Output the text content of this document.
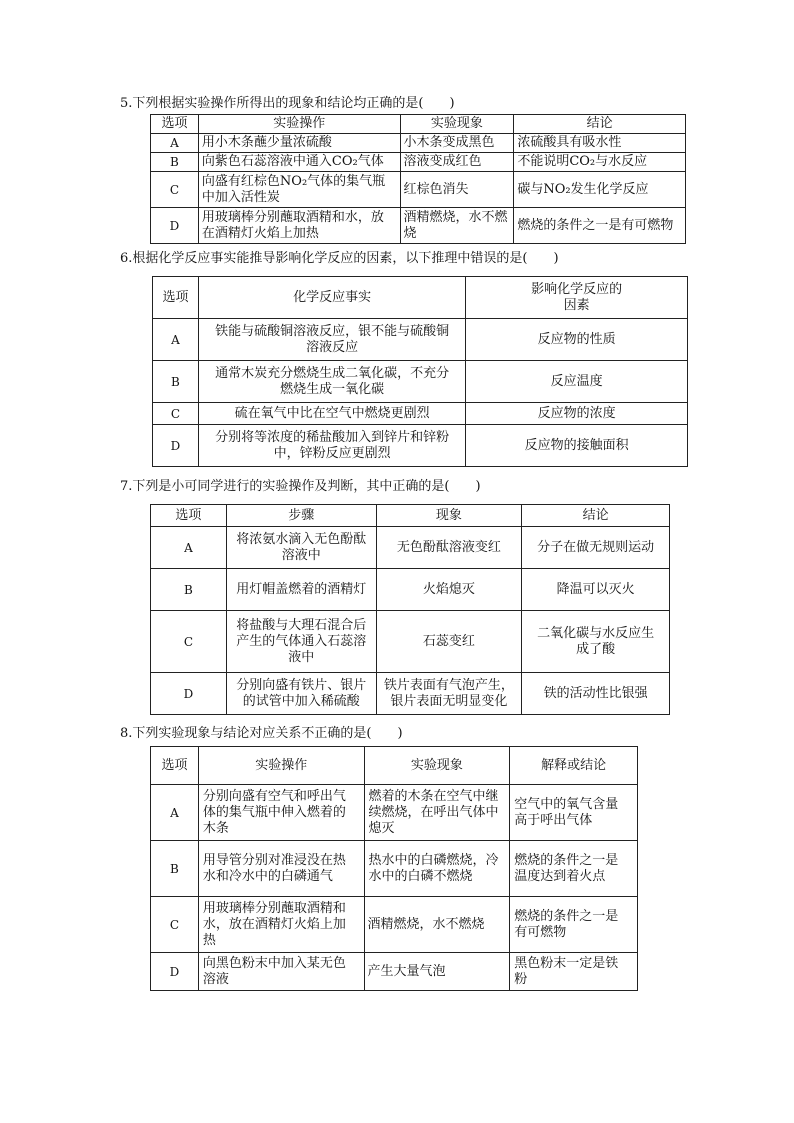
5.下列根据实验操作所得出的现象和结论均正确的是(　　)
选项	实验操作	实验现象	结论
A	用小木条蘸少量浓硫酸	小木条变成黑色	浓硫酸具有吸水性
B	向紫色石蕊溶液中通入CO₂气体	溶液变成红色	不能说明CO₂与水反应
C	向盛有红棕色NO₂气体的集气瓶中加入活性炭	红棕色消失	碳与NO₂发生化学反应
D	用玻璃棒分别蘸取酒精和水，放在酒精灯火焰上加热	酒精燃烧，水不燃烧	燃烧的条件之一是有可燃物
6.根据化学反应事实能推导影响化学反应的因素，以下推理中错误的是(　　)
选项	化学反应事实	影响化学反应的因素
A	铁能与硫酸铜溶液反应，银不能与硫酸铜溶液反应	反应物的性质
B	通常木炭充分燃烧生成二氧化碳，不充分燃烧生成一氧化碳	反应温度
C	硫在氧气中比在空气中燃烧更剧烈	反应物的浓度
D	分别将等浓度的稀盐酸加入到锌片和锌粉中，锌粉反应更剧烈	反应物的接触面积
7.下列是小可同学进行的实验操作及判断，其中正确的是(　　)
选项	步骤	现象	结论
A	将浓氨水滴入无色酚酞溶液中	无色酚酞溶液变红	分子在做无规则运动
B	用灯帽盖燃着的酒精灯	火焰熄灭	降温可以灭火
C	将盐酸与大理石混合后产生的气体通入石蕊溶液中	石蕊变红	二氧化碳与水反应生成了酸
D	分别向盛有铁片、银片的试管中加入稀硫酸	铁片表面有气泡产生，银片表面无明显变化	铁的活动性比银强
8.下列实验现象与结论对应关系不正确的是(　　)
选项	实验操作	实验现象	解释或结论
A	分别向盛有空气和呼出气体的集气瓶中伸入燃着的木条	燃着的木条在空气中继续燃烧，在呼出气体中熄灭	空气中的氧气含量高于呼出气体
B	用导管分别对准浸没在热水和冷水中的白磷通气	热水中的白磷燃烧，冷水中的白磷不燃烧	燃烧的条件之一是温度达到着火点
C	用玻璃棒分别蘸取酒精和水，放在酒精灯火焰上加热	酒精燃烧，水不燃烧	燃烧的条件之一是有可燃物
D	向黑色粉末中加入某无色溶液	产生大量气泡	黑色粉末一定是铁粉
